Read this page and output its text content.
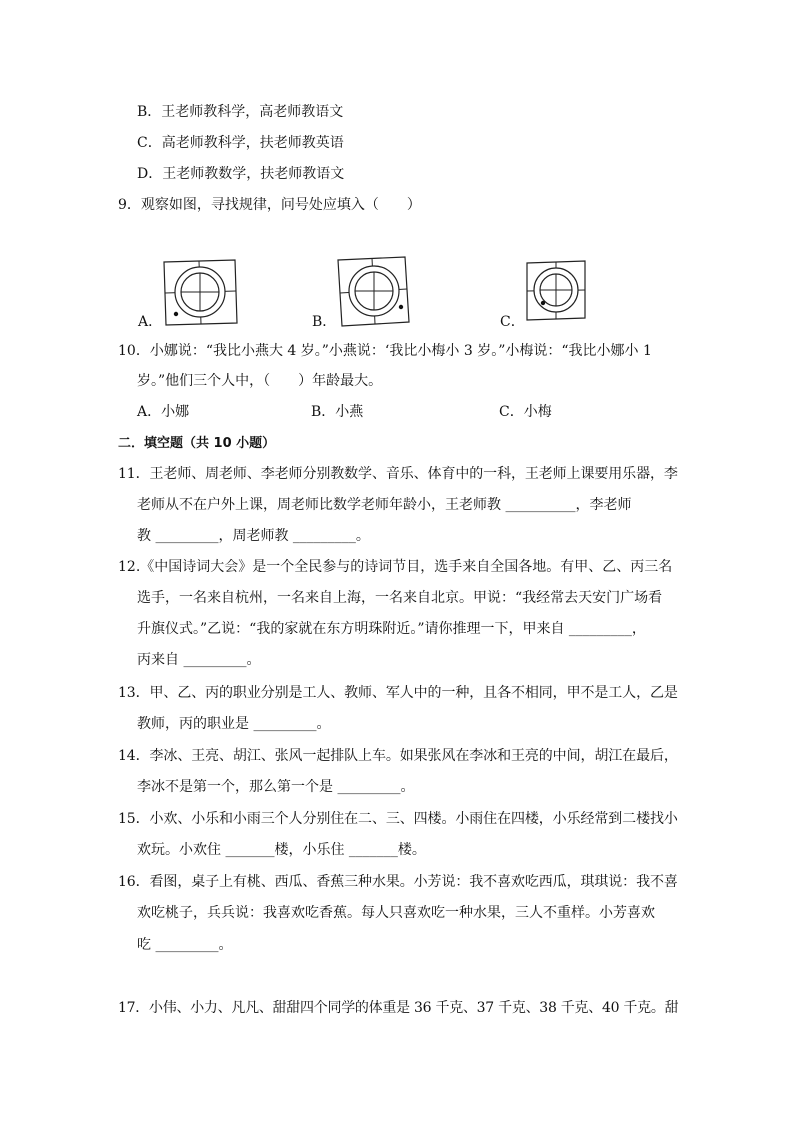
B．王老师教科学，高老师教语文
C．高老师教科学，扶老师教英语
D．王老师教数学，扶老师教语文
9．观察如图，寻找规律，问号处应填入（　　）
A．	B．	C．
10．小娜说：“我比小燕大 4 岁。”小燕说：‘我比小梅小 3 岁。”小梅说：“我比小娜小 1
岁。”他们三个人中，（　　）年龄最大。
A．小娜	B．小燕	C．小梅
二．填空题（共 10 小题）
11．王老师、周老师、李老师分别教数学、音乐、体育中的一科，王老师上课要用乐器，李
老师从不在户外上课，周老师比数学老师年龄小，王老师教 __________，李老师
教 _________，周老师教 _________。
12.《中国诗词大会》是一个全民参与的诗词节目，选手来自全国各地。有甲、乙、丙三名
选手，一名来自杭州，一名来自上海，一名来自北京。甲说：“我经常去天安门广场看
升旗仪式。”乙说：“我的家就在东方明珠附近。”请你推理一下，甲来自 _________，
丙来自 _________。
13．甲、乙、丙的职业分别是工人、教师、军人中的一种，且各不相同，甲不是工人，乙是
教师，丙的职业是 _________。
14．李冰、王亮、胡江、张风一起排队上车。如果张风在李冰和王亮的中间，胡江在最后，
李冰不是第一个，那么第一个是 _________。
15．小欢、小乐和小雨三个人分别住在二、三、四楼。小雨住在四楼，小乐经常到二楼找小
欢玩。小欢住 _______楼，小乐住 _______楼。
16．看图，桌子上有桃、西瓜、香蕉三种水果。小芳说：我不喜欢吃西瓜，琪琪说：我不喜
欢吃桃子，兵兵说：我喜欢吃香蕉。每人只喜欢吃一种水果，三人不重样。小芳喜欢
吃 _________。
17．小伟、小力、凡凡、甜甜四个同学的体重是 36 千克、37 千克、38 千克、40 千克。甜
